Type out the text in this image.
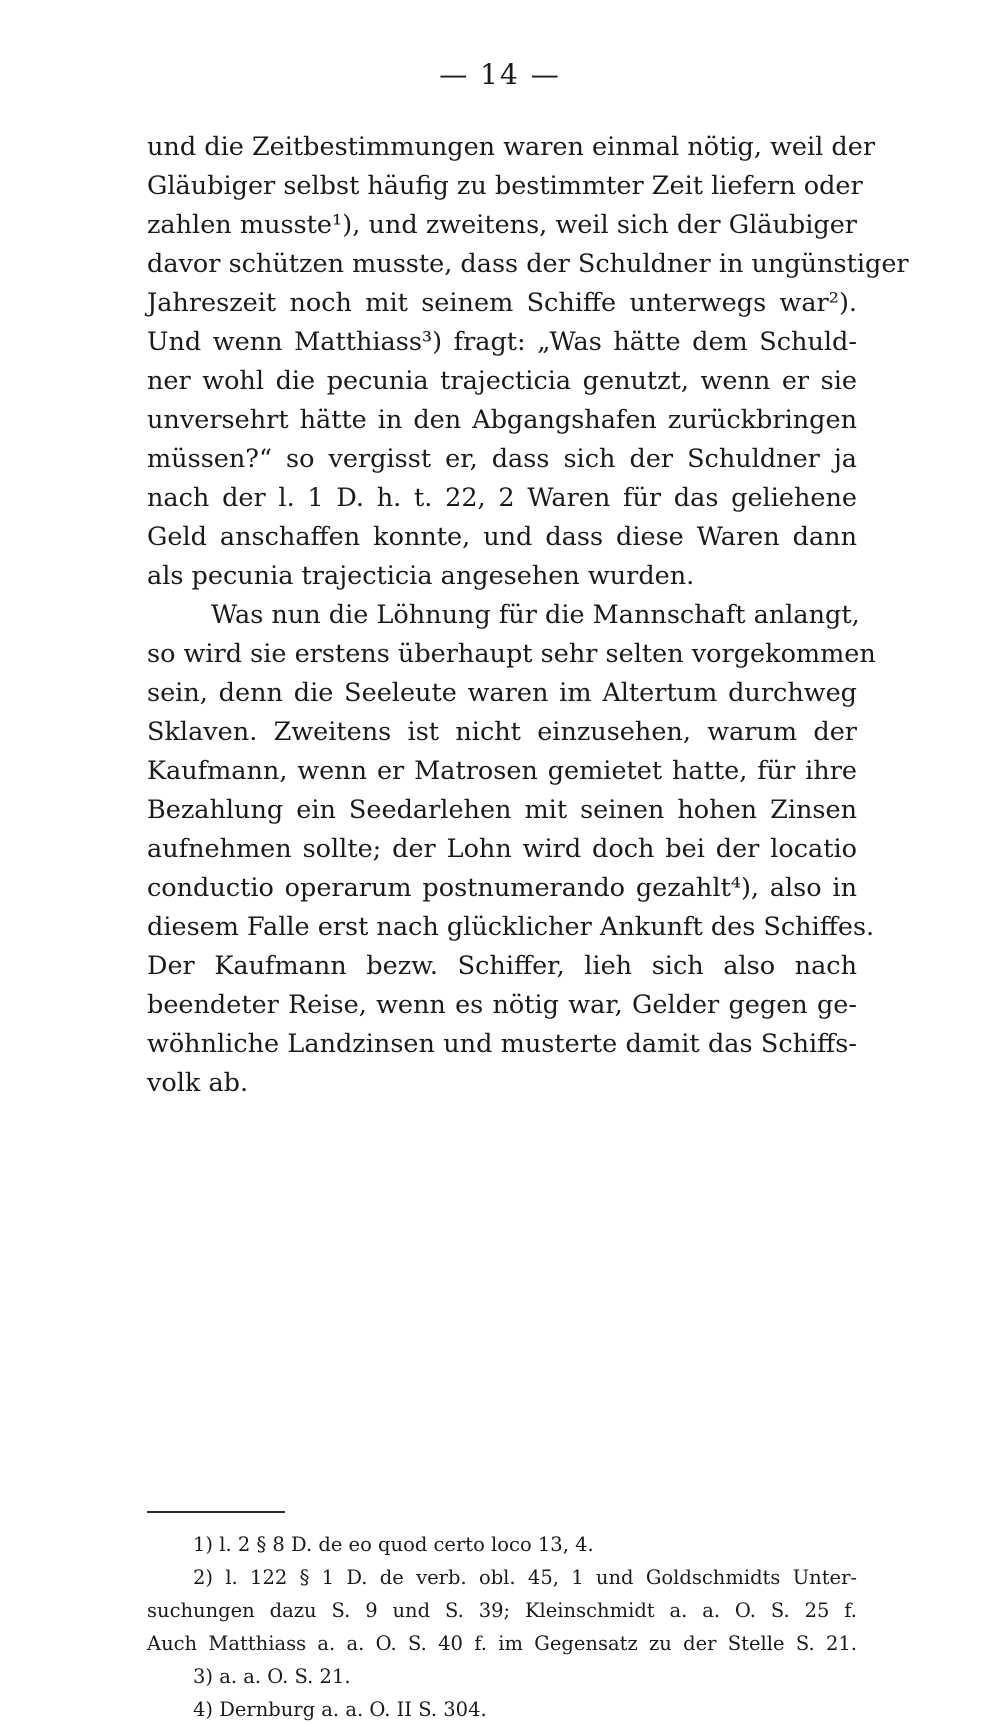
— 14 —
und die Zeitbestimmungen waren einmal nötig, weil der
Gläubiger selbst häufig zu bestimmter Zeit liefern oder
zahlen musste¹), und zweitens, weil sich der Gläubiger
davor schützen musste, dass der Schuldner in ungünstiger
Jahreszeit noch mit seinem Schiffe unterwegs war²).
Und wenn Matthiass³) fragt: „Was hätte dem Schuld-
ner wohl die pecunia trajecticia genutzt, wenn er sie
unversehrt hätte in den Abgangshafen zurückbringen
müssen?“ so vergisst er, dass sich der Schuldner ja
nach der l. 1 D. h. t. 22, 2 Waren für das geliehene
Geld anschaffen konnte, und dass diese Waren dann
als pecunia trajecticia angesehen wurden.
Was nun die Löhnung für die Mannschaft anlangt,
so wird sie erstens überhaupt sehr selten vorgekommen
sein, denn die Seeleute waren im Altertum durchweg
Sklaven. Zweitens ist nicht einzusehen, warum der
Kaufmann, wenn er Matrosen gemietet hatte, für ihre
Bezahlung ein Seedarlehen mit seinen hohen Zinsen
aufnehmen sollte; der Lohn wird doch bei der locatio
conductio operarum postnumerando gezahlt⁴), also in
diesem Falle erst nach glücklicher Ankunft des Schiffes.
Der Kaufmann bezw. Schiffer, lieh sich also nach
beendeter Reise, wenn es nötig war, Gelder gegen ge-
wöhnliche Landzinsen und musterte damit das Schiffs-
volk ab.
1) l. 2 § 8 D. de eo quod certo loco 13, 4.
2) l. 122 § 1 D. de verb. obl. 45, 1 und Goldschmidts Unter-
suchungen dazu S. 9 und S. 39; Kleinschmidt a. a. O. S. 25 f.
Auch Matthiass a. a. O. S. 40 f. im Gegensatz zu der Stelle S. 21.
3) a. a. O. S. 21.
4) Dernburg a. a. O. II S. 304.
